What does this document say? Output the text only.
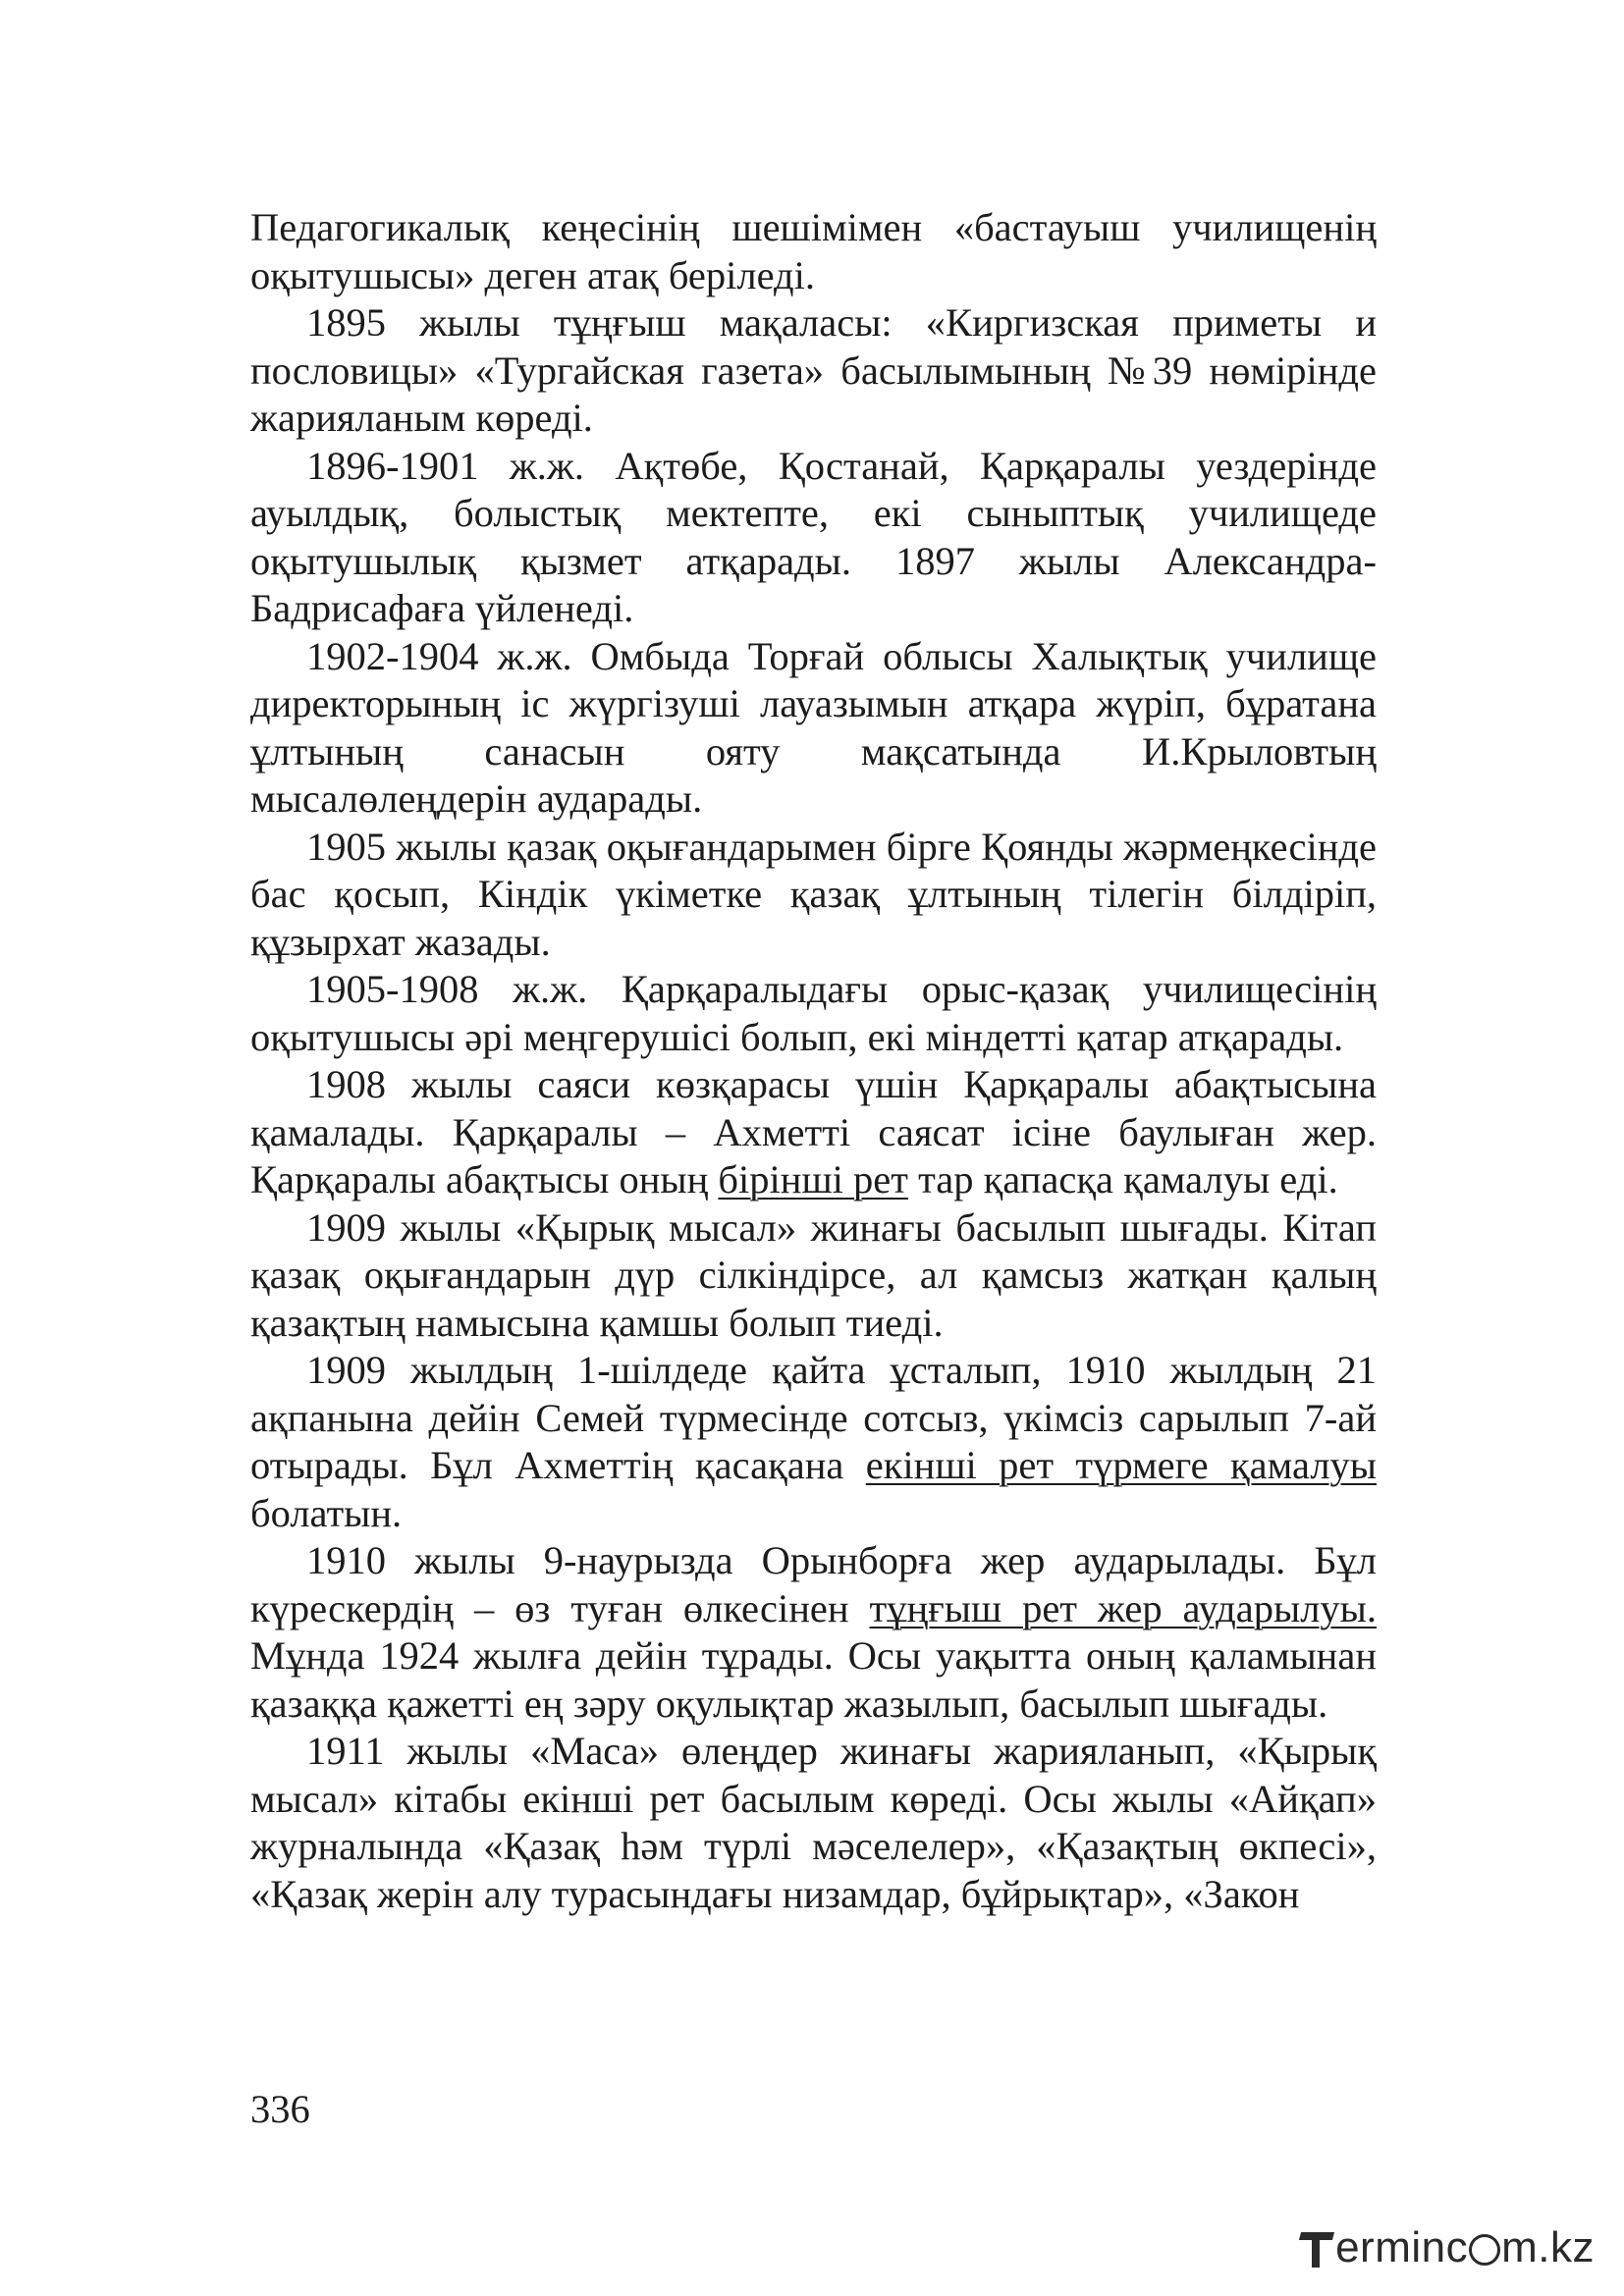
Педагогикалық кеңесінің шешімімен «бастауыш училищенің оқытушысы» деген атақ беріледі.

1895 жылы тұңғыш мақаласы: «Киргизская приметы и пословицы» «Тургайская газета» басылымының №39 нөмірінде жарияланым көреді.

1896-1901 ж.ж. Ақтөбе, Қостанай, Қарқаралы уездерінде ауылдық, болыстық мектепте, екі сыныптық училищеде оқытушылық қызмет атқарады. 1897 жылы Александра-Бадрисафаға үйленеді.

1902-1904 ж.ж. Омбыда Торғай облысы Халықтық училище директорының іс жүргізуші лауазымын атқара жүріп, бұратана ұлтының санасын ояту мақсатында И.Крыловтың мысалөлеңдерін аударады.

1905 жылы қазақ оқығандарымен бірге Қоянды жәрмеңкесінде бас қосып, Кіндік үкіметке қазақ ұлтының тілегін білдіріп, құзырхат жазады.

1905-1908 ж.ж. Қарқаралыдағы орыс-қазақ училищесінің оқытушысы әрі меңгерушісі болып, екі міндетті қатар атқарады.

1908 жылы саяси көзқарасы үшін Қарқаралы абақтысына қамалады. Қарқаралы – Ахметті саясат ісіне баулыған жер. Қарқаралы абақтысы оның бірінші рет тар қапасқа қамалуы еді.

1909 жылы «Қырық мысал» жинағы басылып шығады. Кітап қазақ оқығандарын дүр сілкіндірсе, ал қамсыз жатқан қалың қазақтың намысына қамшы болып тиеді.

1909 жылдың 1-шілдеде қайта ұсталып, 1910 жылдың 21 ақпанына дейін Семей түрмесінде сотсыз, үкімсіз сарылып 7-ай отырады. Бұл Ахметтің қасақана екінші рет түрмеге қамалуы болатын.

1910 жылы 9-наурызда Орынборға жер аударылады. Бұл күрескердің – өз туған өлкесінен тұңғыш рет жер аударылуы. Мұнда 1924 жылға дейін тұрады. Осы уақытта оның қаламынан қазаққа қажетті ең зәру оқулықтар жазылып, басылып шығады.

1911 жылы «Маса» өлеңдер жинағы жарияланып, «Қырық мысал» кітабы екінші рет басылым көреді. Осы жылы «Айқап» журналында «Қазақ һәм түрлі мәселелер», «Қазақтың өкпесі», «Қазақ жерін алу турасындағы низамдар, бұйрықтар», «Закон

336
ermin c m.kz
